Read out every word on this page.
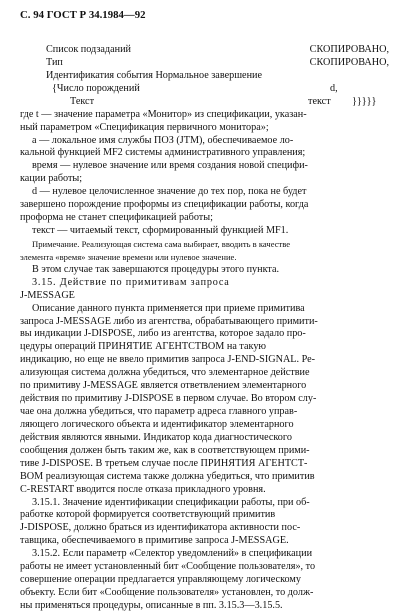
С. 94 ГОСТ Р 34.1984—92
Список подзаданий	СКОПИРОВАНО,
Тип	СКОПИРОВАНО,
Идентификатия события Нормальное завершение
{Число порождений	d,
Текст	текст }}}}}
где t — значение параметра «Монитор» из спецификации, указан-
ный параметром «Спецификация первичного монитора»;
а — локальное имя службы ПОЗ (JTM), обеспечиваемое ло-
кальной функцией MF2 системы административного управления;
время — нулевое значение или время создания новой специфи-
кации работы;
d — нулевое целочисленное значение до тех пор, пока не будет
завершено порождение проформы из спецификации работы, когда
проформа не станет спецификацией работы;
текст — читаемый текст, сформированный функцией MF1.
Примечание. Реализующая система сама выбирает, вводить в качестве
элемента «время» значение времени или нулевое значение.
В этом случае так завершаются процедуры этого пункта.
3.15. Действие по примитивам запроса
J-MESSAGE
Описание данного пункта применяется при приеме примитива
запроса J-MESSAGE либо из агентства, обрабатывающего примити-
вы индикации J-DISPOSE, либо из агентства, которое задало про-
цедуры операций ПРИНЯТИЕ АГЕНТСТВОМ на такую
индикацию, но еще не ввело примитив запроса J-END-SIGNAL. Ре-
ализующая система должна убедиться, что элементарное действие
по примитиву J-MESSAGE является ответвлением элементарного
действия по примитиву J-DISPOSE в первом случае. Во втором слу-
чае она должна убедиться, что параметр адреса главного управ-
ляющего логического объекта и идентификатор элементарного
действия являются явными. Индикатор кода диагностического
сообщения должен быть таким же, как в соответствующем прими-
тиве J-DISPOSE. В третьем случае после ПРИНЯТИЯ АГЕНТСТ-
ВОМ реализующая система также должна убедиться, что примитив
C-RESTART вводится после отказа прикладного уровня.
3.15.1. Значение идентификации спецификации работы, при об-
работке которой формируется соответствующий примитив
J-DISPOSE, должно браться из идентификатора активности пос-
тавщика, обеспечиваемого в примитиве запроса J-MESSAGE.
3.15.2. Если параметр «Селектор уведомлений» в спецификации
работы не имеет установленный бит «Сообщение пользователя», то
совершение операции предлагается управляющему логическому
объекту. Если бит «Сообщение пользователя» установлен, то долж-
ны применяться процедуры, описанные в пп. 3.15.3—3.15.5.
